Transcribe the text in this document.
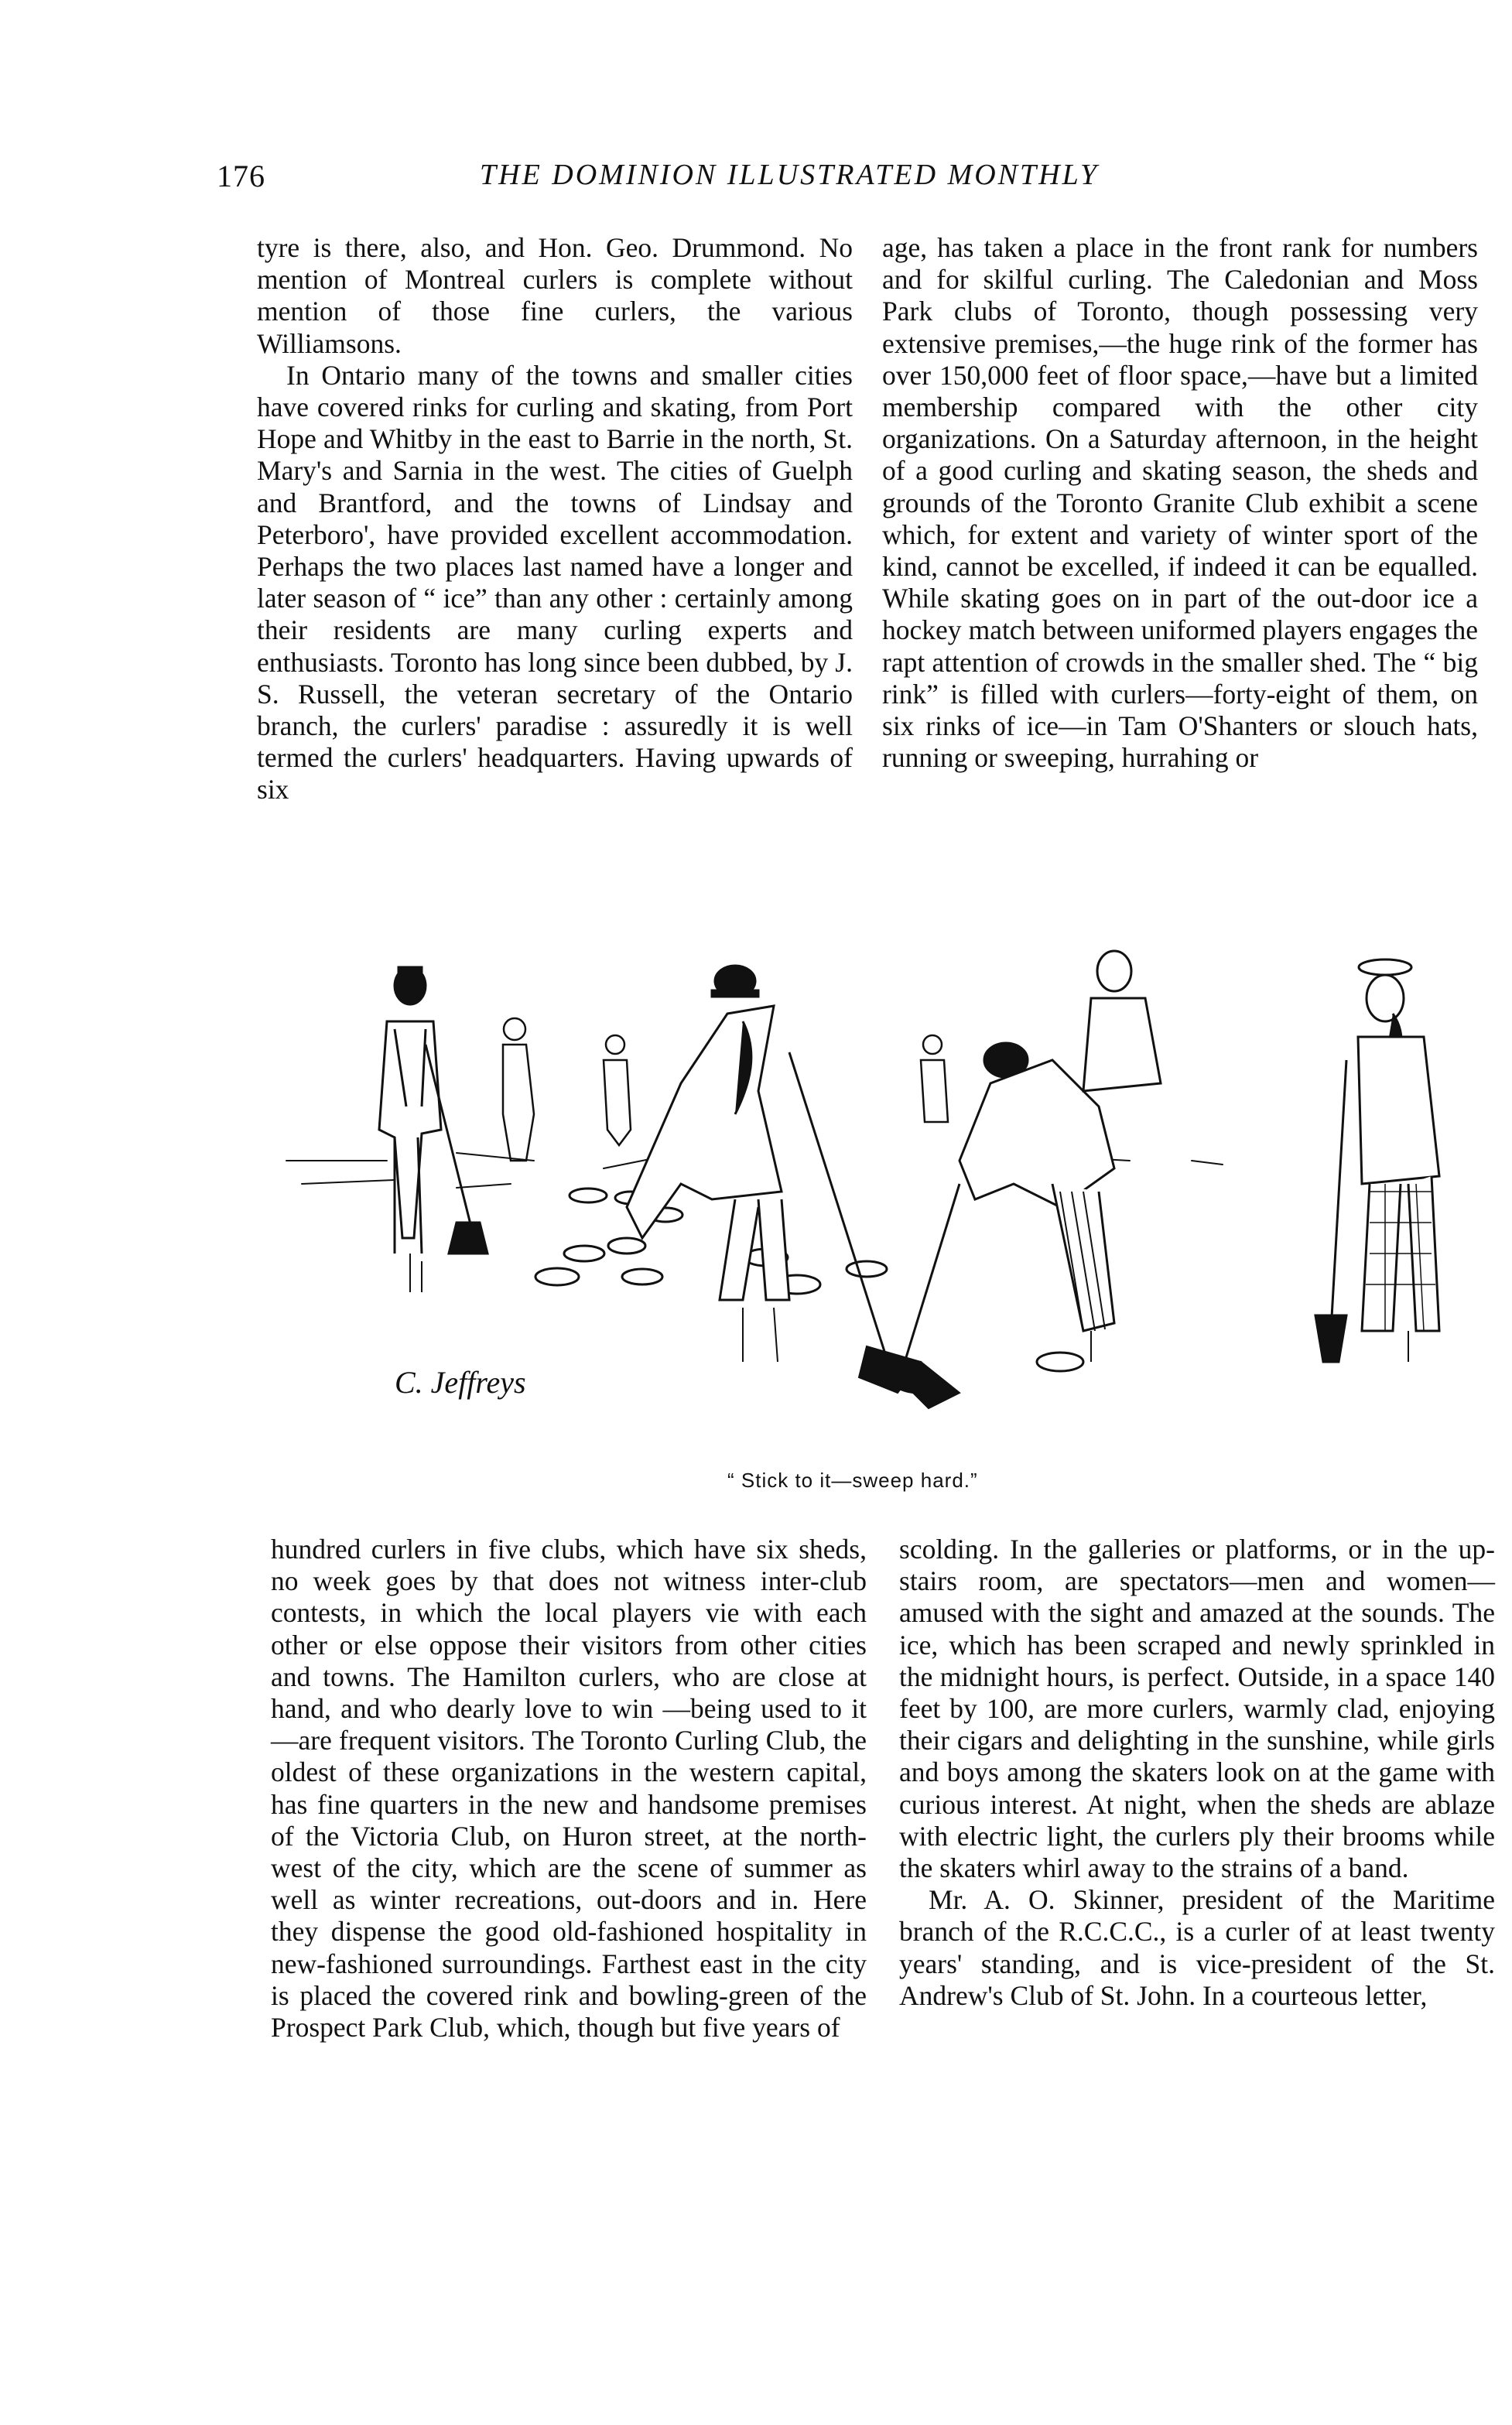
176	THE DOMINION ILLUSTRATED MONTHLY

tyre is there, also, and Hon. Geo. Drummond. No mention of Montreal curlers is complete without mention of those fine curlers, the various Williamsons.

In Ontario many of the towns and smaller cities have covered rinks for curling and skating, from Port Hope and Whitby in the east to Barrie in the north, St. Mary's and Sarnia in the west. The cities of Guelph and Brantford, and the towns of Lindsay and Peterboro', have provided excellent accommodation. Perhaps the two places last named have a longer and later season of “ ice” than any other : certainly among their residents are many curling experts and enthusiasts. Toronto has long since been dubbed, by J. S. Russell, the veteran secretary of the Ontario branch, the curlers' paradise : assuredly it is well termed the curlers' headquarters. Having upwards of six

age, has taken a place in the front rank for numbers and for skilful curling. The Caledonian and Moss Park clubs of Toronto, though possessing very extensive premises,—the huge rink of the former has over 150,000 feet of floor space,—have but a limited membership compared with the other city organizations. On a Saturday afternoon, in the height of a good curling and skating season, the sheds and grounds of the Toronto Granite Club exhibit a scene which, for extent and variety of winter sport of the kind, cannot be excelled, if indeed it can be equalled. While skating goes on in part of the out-door ice a hockey match between uniformed players engages the rapt attention of crowds in the smaller shed. The “ big rink” is filled with curlers—forty-eight of them, on six rinks of ice—in Tam O'Shanters or slouch hats, running or sweeping, hurrahing or

C. Jeffreys
“ Stick to it—sweep hard.”

hundred curlers in five clubs, which have six sheds, no week goes by that does not witness inter-club contests, in which the local players vie with each other or else oppose their visitors from other cities and towns. The Hamilton curlers, who are close at hand, and who dearly love to win —being used to it—are frequent visitors. The Toronto Curling Club, the oldest of these organizations in the western capital, has fine quarters in the new and handsome premises of the Victoria Club, on Huron street, at the north-west of the city, which are the scene of summer as well as winter recreations, out-doors and in. Here they dispense the good old-fashioned hospitality in new-fashioned surroundings. Farthest east in the city is placed the covered rink and bowling-green of the Prospect Park Club, which, though but five years of

scolding. In the galleries or platforms, or in the up-stairs room, are spectators—men and women—amused with the sight and amazed at the sounds. The ice, which has been scraped and newly sprinkled in the midnight hours, is perfect. Outside, in a space 140 feet by 100, are more curlers, warmly clad, enjoying their cigars and delighting in the sunshine, while girls and boys among the skaters look on at the game with curious interest. At night, when the sheds are ablaze with electric light, the curlers ply their brooms while the skaters whirl away to the strains of a band.

Mr. A. O. Skinner, president of the Maritime branch of the R.C.C.C., is a curler of at least twenty years' standing, and is vice-president of the St. Andrew's Club of St. John. In a courteous letter,
